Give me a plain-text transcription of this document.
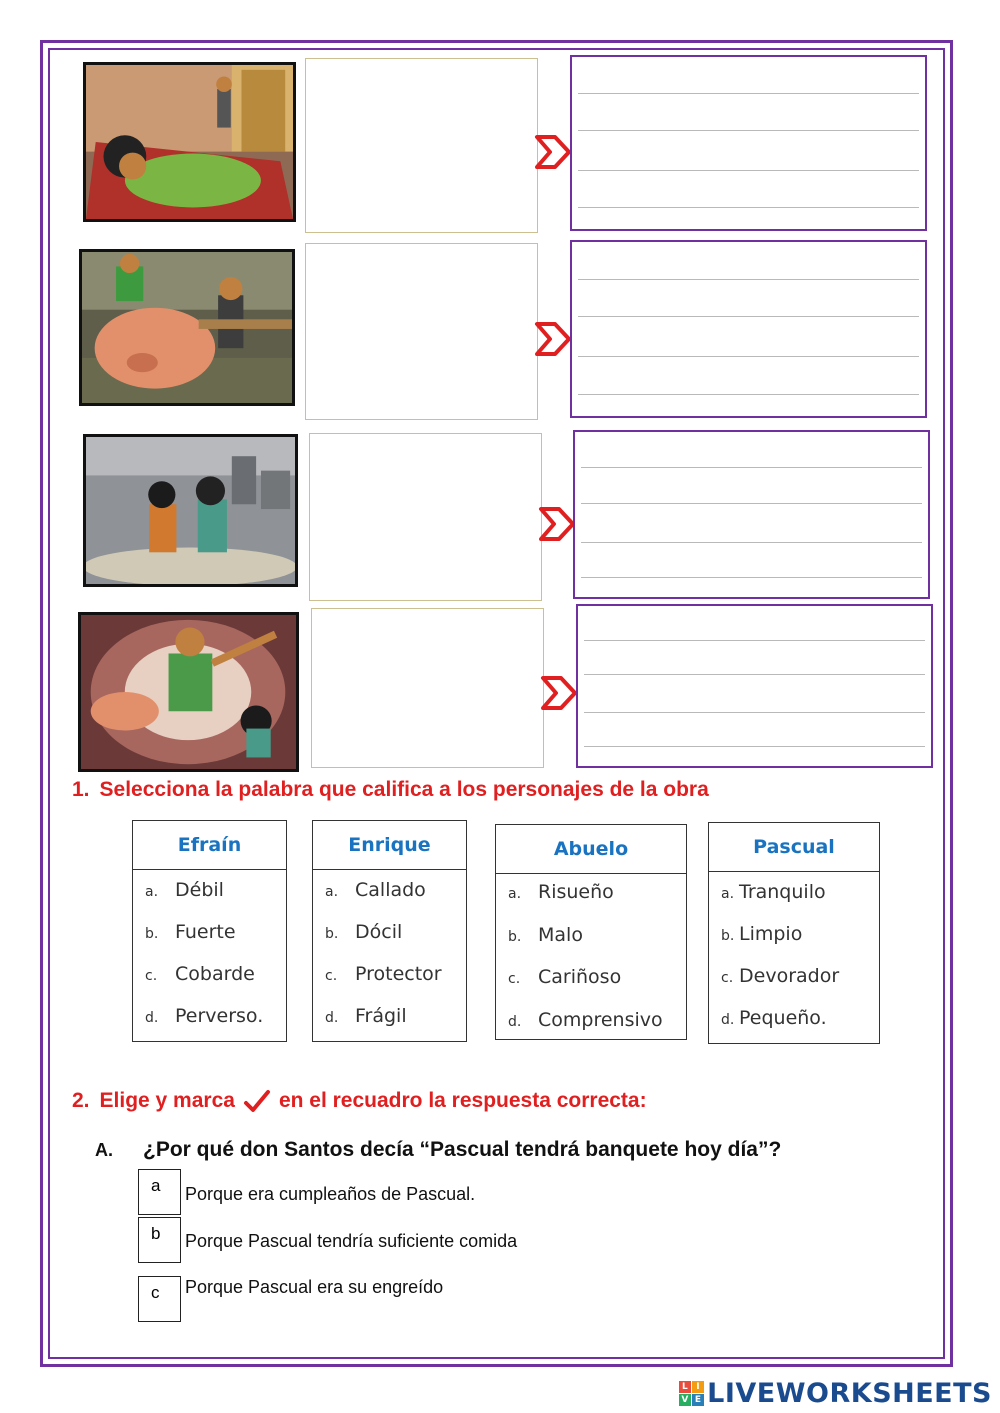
1. Selecciona la palabra que califica a los personajes de la obra
Efraín
a. Débil
b. Fuerte
c. Cobarde
d. Perverso.
Enrique
a. Callado
b. Dócil
c. Protector
d. Frágil
Abuelo
a. Risueño
b. Malo
c. Cariñoso
d. Comprensivo
Pascual
a. Tranquilo
b. Limpio
c. Devorador
d. Pequeño.
2. Elige y marca en el recuadro la respuesta correcta:
A. ¿Por qué don Santos decía “Pascual tendrá banquete hoy día”?
a	Porque era cumpleaños de Pascual.
b	Porque Pascual tendría suficiente comida
c	Porque Pascual era su engreído
L I
V E LIVEWORKSHEETS
